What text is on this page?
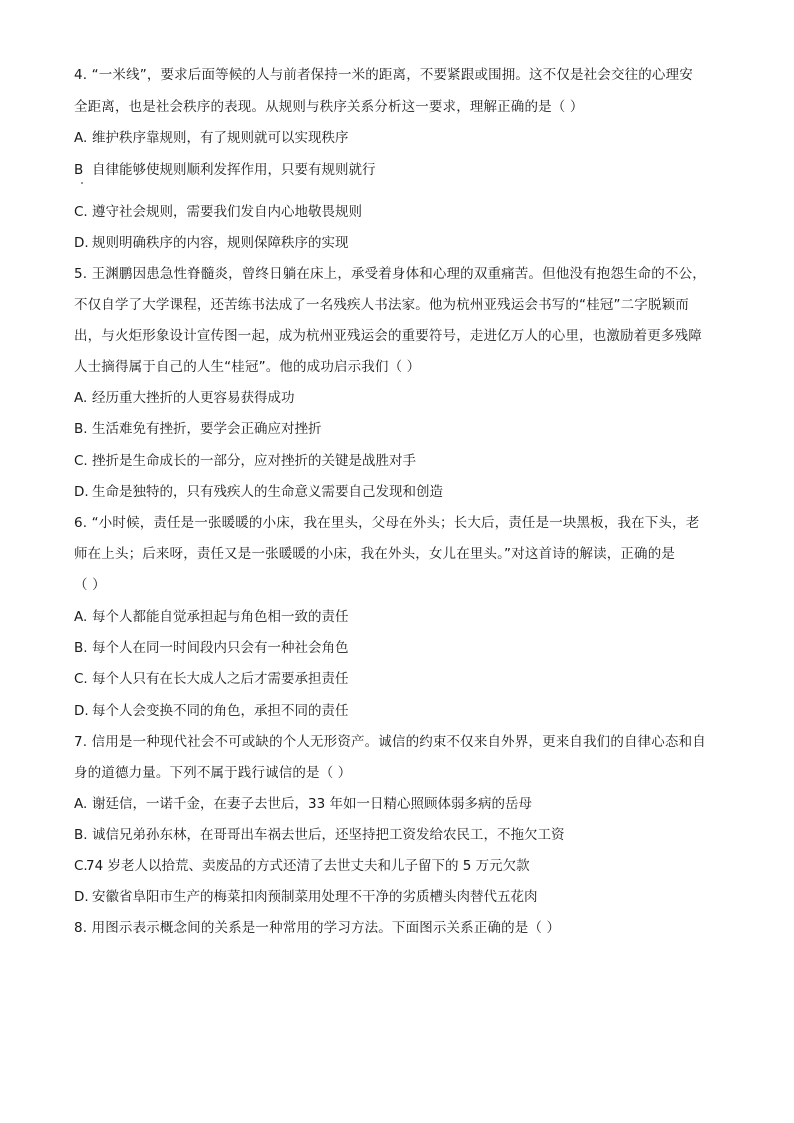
4. “一米线”，要求后面等候的人与前者保持一米的距离，不要紧跟或围拥。这不仅是社会交往的心理安
全距离，也是社会秩序的表现。从规则与秩序关系分析这一要求，理解正确的是（ ）
A. 维护秩序靠规则，有了规则就可以实现秩序
B 自律能够使规则顺利发挥作用，只要有规则就行
C. 遵守社会规则，需要我们发自内心地敬畏规则
D. 规则明确秩序的内容，规则保障秩序的实现
5. 王渊鹏因患急性脊髓炎，曾终日躺在床上，承受着身体和心理的双重痛苦。但他没有抱怨生命的不公，
不仅自学了大学课程，还苦练书法成了一名残疾人书法家。他为杭州亚残运会书写的“桂冠”二字脱颖而
出，与火炬形象设计宣传图一起，成为杭州亚残运会的重要符号，走进亿万人的心里，也激励着更多残障
人士摘得属于自己的人生“桂冠”。他的成功启示我们（ ）
A. 经历重大挫折的人更容易获得成功
B. 生活难免有挫折，要学会正确应对挫折
C. 挫折是生命成长的一部分，应对挫折的关键是战胜对手
D. 生命是独特的，只有残疾人的生命意义需要自己发现和创造
6. “小时候，责任是一张暖暖的小床，我在里头，父母在外头；长大后，责任是一块黑板，我在下头，老
师在上头；后来呀，责任又是一张暖暖的小床，我在外头，女儿在里头。”对这首诗的解读，正确的是
（ ）
A. 每个人都能自觉承担起与角色相一致的责任
B. 每个人在同一时间段内只会有一种社会角色
C. 每个人只有在长大成人之后才需要承担责任
D. 每个人会变换不同的角色，承担不同的责任
7. 信用是一种现代社会不可或缺的个人无形资产。诚信的约束不仅来自外界，更来自我们的自律心态和自
身的道德力量。下列不属于践行诚信的是（ ）
A. 谢廷信，一诺千金，在妻子去世后，33 年如一日精心照顾体弱多病的岳母
B. 诚信兄弟孙东林，在哥哥出车祸去世后，还坚持把工资发给农民工，不拖欠工资
C.74 岁老人以拾荒、卖废品的方式还清了去世丈夫和儿子留下的 5 万元欠款
D. 安徽省阜阳市生产的梅菜扣肉预制菜用处理不干净的劣质槽头肉替代五花肉
8. 用图示表示概念间的关系是一种常用的学习方法。下面图示关系正确的是（ ）
